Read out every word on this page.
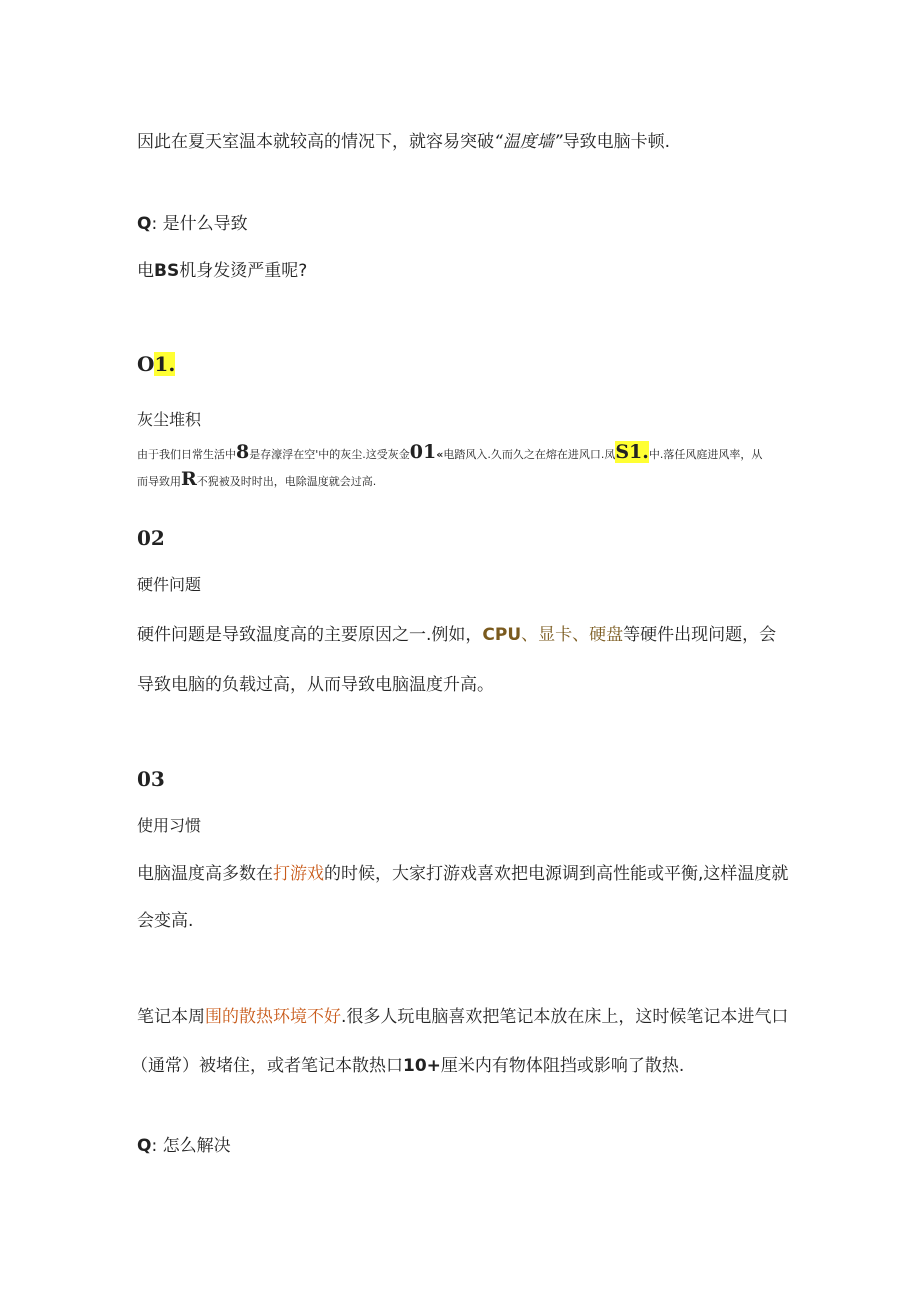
因此在夏天室温本就较高的情况下，就容易突破“温度墙”导致电脑卡顿.
Q: 是什么导致
电BS机身发烫严重呢?
O1.
灰尘堆积
由于我们日常生活中8是存濠浮在空'中的灰尘.这受灰金01«电踏风入.久而久之在熔在进风口.凤S1.中.落任风庭进风率，从
而导致用R不猊被及时时出，电除温度就会过高.
02
硬件问题
硬件问题是导致温度高的主要原因之一.例如，CPU、显卡、硬盘等硬件出现问题，会
导致电脑的负载过高，从而导致电脑温度升高。
03
使用习惯
电脑温度高多数在打游戏的时候，大家打游戏喜欢把电源调到高性能或平衡,这样温度就
会变高.
笔记本周围的散热环境不好.很多人玩电脑喜欢把笔记本放在床上，这时候笔记本进气口
（通常）被堵住，或者笔记本散热口10+厘米内有物体阻挡或影响了散热.
Q: 怎么解决
